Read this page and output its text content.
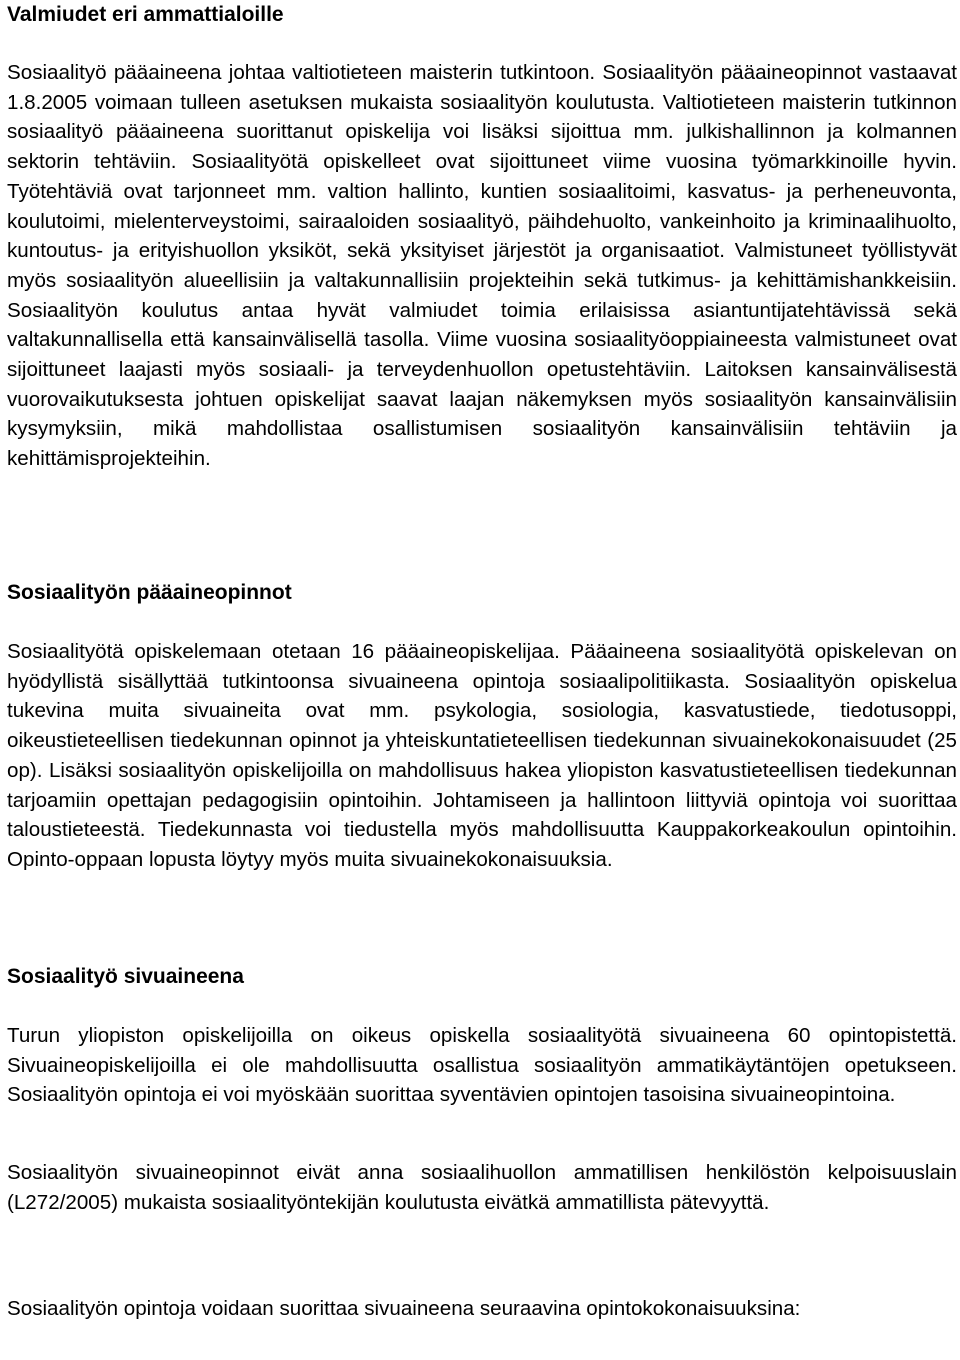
Valmiudet eri ammattialoille

Sosiaalityö pääaineena johtaa valtiotieteen maisterin tutkintoon. Sosiaalityön pääaineopinnot vastaavat 1.8.2005 voimaan tulleen asetuksen mukaista sosiaalityön koulutusta. Valtiotieteen maisterin tutkinnon sosiaalityö pääaineena suorittanut opiskelija voi lisäksi sijoittua mm. julkishallinnon ja kolmannen sektorin tehtäviin. Sosiaalityötä opiskelleet ovat sijoittuneet viime vuosina työmarkkinoille hyvin. Työtehtäviä ovat tarjonneet mm. valtion hallinto, kuntien sosiaalitoimi, kasvatus- ja perheneuvonta, koulutoimi, mielenterveystoimi, sairaaloiden sosiaalityö, päihdehuolto, vankeinhoito ja kriminaalihuolto, kuntoutus- ja erityishuollon yksiköt, sekä yksityiset järjestöt ja organisaatiot. Valmistuneet työllistyvät myös sosiaalityön alueellisiin ja valtakunnallisiin projekteihin sekä tutkimus- ja kehittämishankkeisiin. Sosiaalityön koulutus antaa hyvät valmiudet toimia erilaisissa asiantuntijatehtävissä sekä valtakunnallisella että kansainvälisellä tasolla. Viime vuosina sosiaalityöoppiaineesta valmistuneet ovat sijoittuneet laajasti myös sosiaali- ja terveydenhuollon opetustehtäviin. Laitoksen kansainvälisestä vuorovaikutuksesta johtuen opiskelijat saavat laajan näkemyksen myös sosiaalityön kansainvälisiin kysymyksiin, mikä mahdollistaa osallistumisen sosiaalityön kansainvälisiin tehtäviin ja kehittämisprojekteihin.

Sosiaalityön pääaineopinnot

Sosiaalityötä opiskelemaan otetaan 16 pääaineopiskelijaa. Pääaineena sosiaalityötä opiskelevan on hyödyllistä sisällyttää tutkintoonsa sivuaineena opintoja sosiaalipolitiikasta. Sosiaalityön opiskelua tukevina muita sivuaineita ovat mm. psykologia, sosiologia, kasvatustiede, tiedotusoppi, oikeustieteellisen tiedekunnan opinnot ja yhteiskuntatieteellisen tiedekunnan sivuainekokonaisuudet (25 op). Lisäksi sosiaalityön opiskelijoilla on mahdollisuus hakea yliopiston kasvatustieteellisen tiedekunnan tarjoamiin opettajan pedagogisiin opintoihin. Johtamiseen ja hallintoon liittyviä opintoja voi suorittaa taloustieteestä. Tiedekunnasta voi tiedustella myös mahdollisuutta Kauppakorkeakoulun opintoihin. Opinto-oppaan lopusta löytyy myös muita sivuainekokonaisuuksia.

Sosiaalityö sivuaineena

Turun yliopiston opiskelijoilla on oikeus opiskella sosiaalityötä sivuaineena 60 opintopistettä. Sivuaineopiskelijoilla ei ole mahdollisuutta osallistua sosiaalityön ammatikäytäntöjen opetukseen. Sosiaalityön opintoja ei voi myöskään suorittaa syventävien opintojen tasoisina sivuaineopintoina.

Sosiaalityön sivuaineopinnot eivät anna sosiaalihuollon ammatillisen henkilöstön kelpoisuuslain (L272/2005) mukaista sosiaalityöntekijän koulutusta eivätkä ammatillista pätevyyttä.

Sosiaalityön opintoja voidaan suorittaa sivuaineena seuraavina opintokokonaisuuksina:
